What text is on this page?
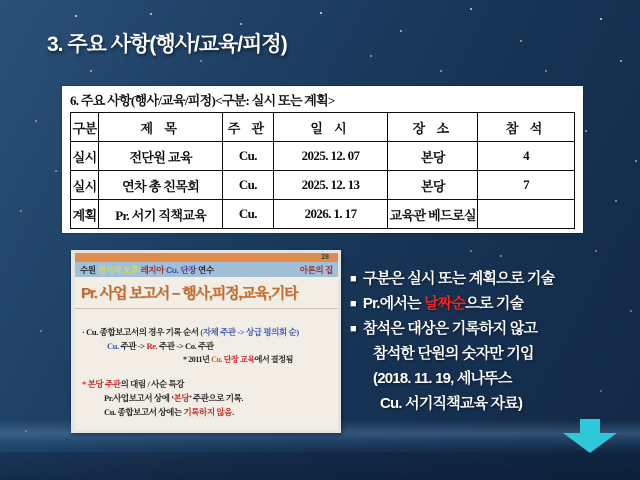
3. 주요 사항(행사/교육/피정)
6. 주요 사항(행사/교육/피정)<구분: 실시 또는 계획>
구분	제 목	주 관	일 시	장 소	참 석
실시	전단원 교육	Cu.	2025. 12. 07	본당	4
실시	연차 총 친목회	Cu.	2025. 12. 13	본당	7
계획	Pr. 서기 직책교육	Cu.	2026. 1. 17	교육관 베드로실	
28
수원 천지의 모후 레지아 Cu. 단장 연수	아론의 집
Pr. 사업 보고서 – 행사,피정,교육,기타
· Cu. 종합보고서의 경우 기록 순서 (자체 주관 -> 상급 평의회 순)
Cu. 주관 -> Re. 주관 -> Co. 주관
* 2011년 Cu. 단장 교육에서 결정됨
* 본당 주관의 대림 / 사순 특강
Pr.사업보고서 상에 ‘본당’ 주관으로 기록.
Cu. 종합보고서 상에는 기록하지 않음.
■ 구분은 실시 또는 계획으로 기술
■ Pr.에서는 날짜순으로 기술
■ 참석은 대상은 기록하지 않고
참석한 단원의 숫자만 기입
(2018. 11. 19, 세나뚜스
Cu. 서기직책교육 자료)
